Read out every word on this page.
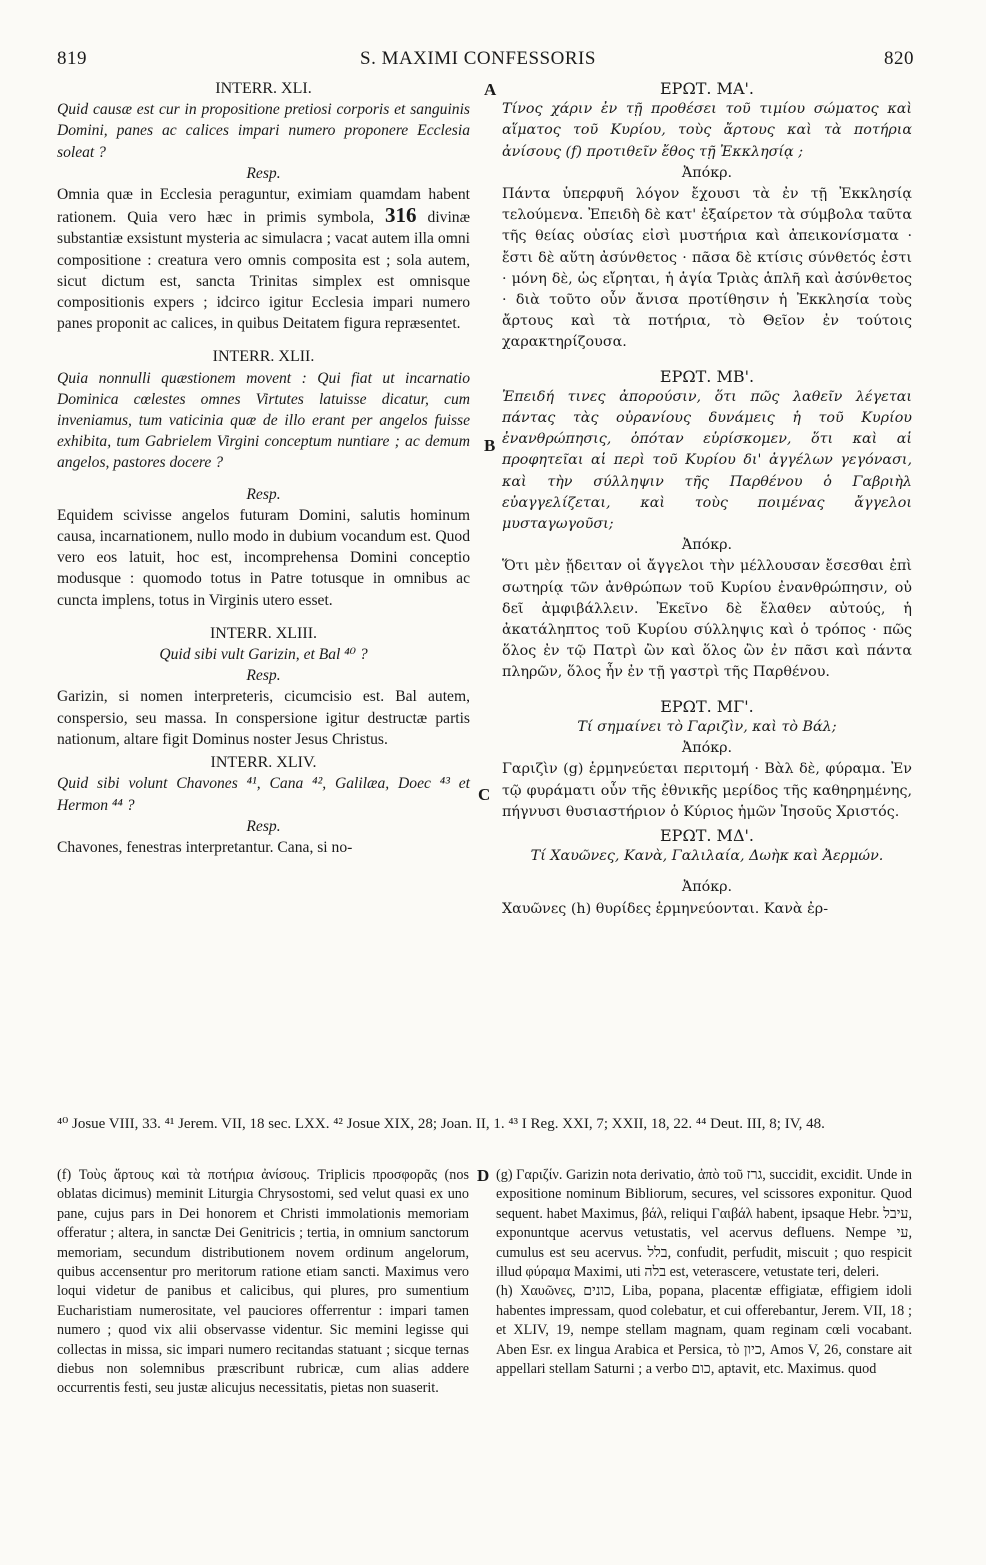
819	S. MAXIMI CONFESSORIS	820
A
B
C
D

INTERR. XLI.

Quid causæ est cur in propositione pretiosi corporis et sanguinis Domini, panes ac calices impari numero proponere Ecclesia soleat ?

Resp.

Omnia quæ in Ecclesia peraguntur, eximiam quamdam habent rationem. Quia vero hæc in primis symbola, 316 divinæ substantiæ exsistunt mysteria ac simulacra ; vacat autem illa omni compositione : creatura vero omnis composita est ; sola autem, sicut dictum est, sancta Trinitas simplex est omnisque compositionis expers ; idcirco igitur Ecclesia impari numero panes proponit ac calices, in quibus Deitatem figura repræsentet.

INTERR. XLII.

Quia nonnulli quæstionem movent : Qui fiat ut incarnatio Dominica cœlestes omnes Virtutes latuisse dicatur, cum inveniamus, tum vaticinia quæ de illo erant per angelos fuisse exhibita, tum Gabrielem Virgini conceptum nuntiare ; ac demum angelos, pastores docere ?

Resp.

Equidem scivisse angelos futuram Domini, salutis hominum causa, incarnationem, nullo modo in dubium vocandum est. Quod vero eos latuit, hoc est, incomprehensa Domini conceptio modusque : quomodo totus in Patre totusque in omnibus ac cuncta implens, totus in Virginis utero esset.

INTERR. XLIII.

Quid sibi vult Garizin, et Bal ⁴⁰ ?

Resp.

Garizin, si nomen interpreteris, cicumcisio est. Bal autem, conspersio, seu massa. In conspersione igitur destructæ partis nationum, altare figit Dominus noster Jesus Christus.

INTERR. XLIV.

Quid sibi volunt Chavones ⁴¹, Cana ⁴², Galilæa, Doec ⁴³ et Hermon ⁴⁴ ?

Resp.

Chavones, fenestras interpretantur. Cana, si no-

ΕΡΩΤ. ΜΑ'.

Τίνος χάριν ἐν τῇ προθέσει τοῦ τιμίου σώματος καὶ αἵματος τοῦ Κυρίου, τοὺς ἄρτους καὶ τὰ ποτήρια ἀνίσους (f) προτιθεῖν ἔθος τῇ Ἐκκλησίᾳ ;

Ἀπόκρ.

Πάντα ὑπερφυῆ λόγον ἔχουσι τὰ ἐν τῇ Ἐκκλησίᾳ τελούμενα. Ἐπειδὴ δὲ κατ' ἐξαίρετον τὰ σύμβολα ταῦτα τῆς θείας οὐσίας εἰσὶ μυστήρια καὶ ἀπεικονίσματα · ἔστι δὲ αὕτη ἀσύνθετος · πᾶσα δὲ κτίσις σύνθετός ἐστι · μόνη δὲ, ὡς εἴρηται, ἡ ἁγία Τριὰς ἁπλῆ καὶ ἀσύνθετος · διὰ τοῦτο οὖν ἄνισα προτίθησιν ἡ Ἐκκλησία τοὺς ἄρτους καὶ τὰ ποτήρια, τὸ Θεῖον ἐν τούτοις χαρακτηρίζουσα.

ΕΡΩΤ. ΜΒ'.

Ἐπειδή τινες ἀπορούσιν, ὅτι πῶς λαθεῖν λέγεται πάντας τὰς οὐρανίους δυνάμεις ἡ τοῦ Κυρίου ἐνανθρώπησις, ὁπόταν εὑρίσκομεν, ὅτι καὶ αἱ προφητεῖαι αἱ περὶ τοῦ Κυρίου δι' ἀγγέλων γεγόνασι, καὶ τὴν σύλληψιν τῆς Παρθένου ὁ Γαβριὴλ εὐαγγελίζεται, καὶ τοὺς ποιμένας ἄγγελοι μυσταγωγοῦσι;

Ἀπόκρ.

Ὅτι μὲν ᾔδειταν οἱ ἄγγελοι τὴν μέλλουσαν ἔσεσθαι ἐπὶ σωτηρίᾳ τῶν ἀνθρώπων τοῦ Κυρίου ἐνανθρώπησιν, οὐ δεῖ ἀμφιβάλλειν. Ἐκεῖνο δὲ ἔλαθεν αὐτούς, ἡ ἀκατάληπτος τοῦ Κυρίου σύλληψις καὶ ὁ τρόπος · πῶς ὅλος ἐν τῷ Πατρὶ ὢν καὶ ὅλος ὢν ἐν πᾶσι καὶ πάντα πληρῶν, ὅλος ἦν ἐν τῇ γαστρὶ τῆς Παρθένου.

ΕΡΩΤ. ΜΓ'.

Τί σημαίνει τὸ Γαριζὶν, καὶ τὸ Βάλ;

Ἀπόκρ.

Γαριζὶν (g) ἑρμηνεύεται περιτομή · Βὰλ δὲ, φύραμα. Ἐν τῷ φυράματι οὖν τῆς ἐθνικῆς μερίδος τῆς καθηρημένης, πήγνυσι θυσιαστήριον ὁ Κύριος ἡμῶν Ἰησοῦς Χριστός.

ΕΡΩΤ. ΜΔ'.

Τί Χαυῶνες, Κανὰ, Γαλιλαία, Δωὴκ καὶ Ἀερμών.

Ἀπόκρ.

Χαυῶνες (h) θυρίδες ἑρμηνεύονται. Κανὰ ἐρ-

⁴⁰ Josue VIII, 33. ⁴¹ Jerem. VII, 18 sec. LXX. ⁴² Josue XIX, 28; Joan. II, 1. ⁴³ I Reg. XXI, 7; XXII, 18, 22. ⁴⁴ Deut. III, 8; IV, 48.

(f) Τοὺς ἄρτους καὶ τὰ ποτήρια ἀνίσους. Triplicis προσφορᾶς (nos oblatas dicimus) meminit Liturgia Chrysostomi, sed velut quasi ex uno pane, cujus pars in Dei honorem et Christi immolationis memoriam offeratur ; altera, in sanctæ Dei Genitricis ; tertia, in omnium sanctorum memoriam, secundum distributionem novem ordinum angelorum, quibus accensentur pro meritorum ratione etiam sancti. Maximus vero loqui videtur de panibus et calicibus, qui plures, pro sumentium Eucharistiam numerositate, vel pauciores offerrentur : impari tamen numero ; quod vix alii observasse videntur. Sic memini legisse qui collectas in missa, sic impari numero recitandas statuant ; sicque ternas diebus non solemnibus præscribunt rubricæ, cum alias addere occurrentis festi, seu justæ alicujus necessitatis, pietas non suaserit.

(g) Γαριζίν. Garizin nota derivatio, ἀπὸ τοῦ גרז, succidit, excidit. Unde in expositione nominum Bibliorum, secures, vel scissores exponitur. Quod sequent. habet Maximus, βάλ, reliqui Γαιβάλ habent, ipsaque Hebr. עיבל, exponuntque acervus vetustatis, vel acervus defluens. Nempe עי, cumulus est seu acervus. בלל, confudit, perfudit, miscuit ; quo respicit illud φύραμα Maximi, uti בלה est, veterascere, vetustate teri, deleri.

(h) Χαυῶνες, כונים, Liba, popana, placentæ effigiatæ, effigiem idoli habentes impressam, quod colebatur, et cui offerebantur, Jerem. VII, 18 ; et XLIV, 19, nempe stellam magnam, quam reginam cœli vocabant. Aben Esr. ex lingua Arabica et Persica, τὸ כיון, Amos V, 26, constare ait appellari stellam Saturni ; a verbo כום, aptavit, etc. Maximus. quod
